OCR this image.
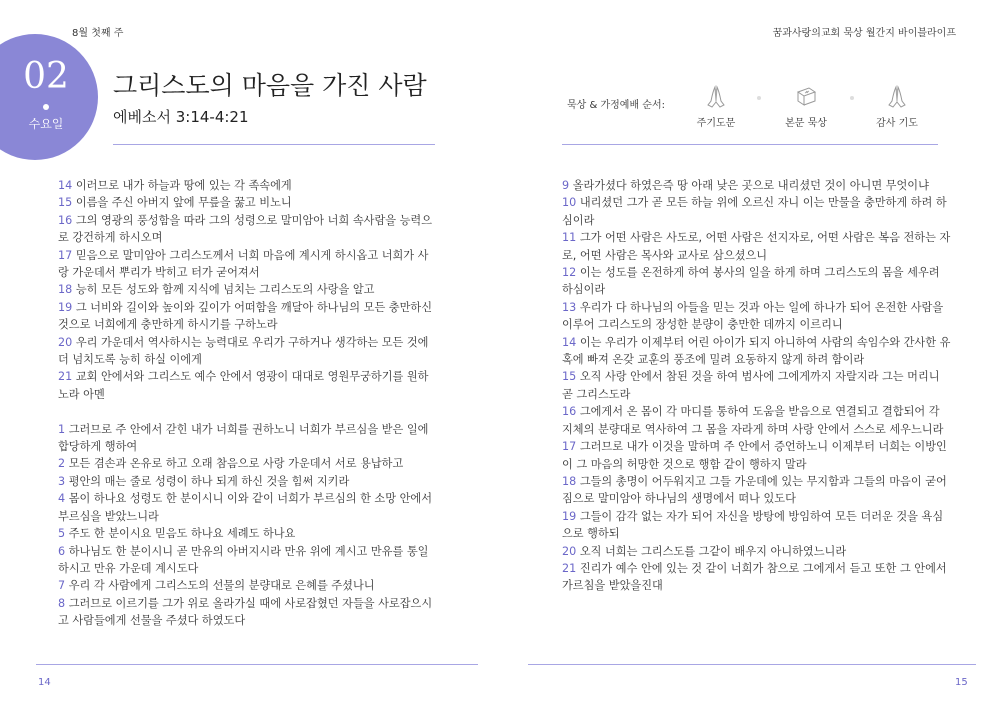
8월 첫째 주	꿈과사랑의교회 묵상 월간지 바이블라이프
02
수요일
그리스도의 마음을 가진 사람
에베소서 3:14-4:21
묵상 & 가정예배 순서:
주기도문	본문 묵상	감사 기도

14 이러므로 내가 하늘과 땅에 있는 각 족속에게

15 이름을 주신 아버지 앞에 무릎을 꿇고 비노니

16 그의 영광의 풍성함을 따라 그의 성령으로 말미암아 너희 속사람을 능력으로 강건하게 하시오며

17 믿음으로 말미암아 그리스도께서 너희 마음에 계시게 하시옵고 너희가 사랑 가운데서 뿌리가 박히고 터가 굳어져서

18 능히 모든 성도와 함께 지식에 넘치는 그리스도의 사랑을 알고

19 그 너비와 길이와 높이와 깊이가 어떠함을 깨달아 하나님의 모든 충만하신 것으로 너희에게 충만하게 하시기를 구하노라

20 우리 가운데서 역사하시는 능력대로 우리가 구하거나 생각하는 모든 것에 더 넘치도록 능히 하실 이에게

21 교회 안에서와 그리스도 예수 안에서 영광이 대대로 영원무궁하기를 원하노라 아멘

1 그러므로 주 안에서 갇힌 내가 너희를 권하노니 너희가 부르심을 받은 일에 합당하게 행하여

2 모든 겸손과 온유로 하고 오래 참음으로 사랑 가운데서 서로 용납하고

3 평안의 매는 줄로 성령이 하나 되게 하신 것을 힘써 지키라

4 몸이 하나요 성령도 한 분이시니 이와 같이 너희가 부르심의 한 소망 안에서 부르심을 받았느니라

5 주도 한 분이시요 믿음도 하나요 세례도 하나요

6 하나님도 한 분이시니 곧 만유의 아버지시라 만유 위에 계시고 만유를 통일하시고 만유 가운데 계시도다

7 우리 각 사람에게 그리스도의 선물의 분량대로 은혜를 주셨나니

8 그러므로 이르기를 그가 위로 올라가실 때에 사로잡혔던 자들을 사로잡으시고 사람들에게 선물을 주셨다 하였도다

9 올라가셨다 하였은즉 땅 아래 낮은 곳으로 내리셨던 것이 아니면 무엇이냐

10 내리셨던 그가 곧 모든 하늘 위에 오르신 자니 이는 만물을 충만하게 하려 하심이라

11 그가 어떤 사람은 사도로, 어떤 사람은 선지자로, 어떤 사람은 복음 전하는 자로, 어떤 사람은 목사와 교사로 삼으셨으니

12 이는 성도를 온전하게 하여 봉사의 일을 하게 하며 그리스도의 몸을 세우려 하심이라

13 우리가 다 하나님의 아들을 믿는 것과 아는 일에 하나가 되어 온전한 사람을 이루어 그리스도의 장성한 분량이 충만한 데까지 이르리니

14 이는 우리가 이제부터 어린 아이가 되지 아니하여 사람의 속임수와 간사한 유혹에 빠져 온갖 교훈의 풍조에 밀려 요동하지 않게 하려 함이라

15 오직 사랑 안에서 참된 것을 하여 범사에 그에게까지 자랄지라 그는 머리니 곧 그리스도라

16 그에게서 온 몸이 각 마디를 통하여 도움을 받음으로 연결되고 결합되어 각 지체의 분량대로 역사하여 그 몸을 자라게 하며 사랑 안에서 스스로 세우느니라

17 그러므로 내가 이것을 말하며 주 안에서 증언하노니 이제부터 너희는 이방인이 그 마음의 허망한 것으로 행함 같이 행하지 말라

18 그들의 총명이 어두워지고 그들 가운데에 있는 무지함과 그들의 마음이 굳어짐으로 말미암아 하나님의 생명에서 떠나 있도다

19 그들이 감각 없는 자가 되어 자신을 방탕에 방임하여 모든 더러운 것을 욕심으로 행하되

20 오직 너희는 그리스도를 그같이 배우지 아니하였느니라

21 진리가 예수 안에 있는 것 같이 너희가 참으로 그에게서 듣고 또한 그 안에서 가르침을 받았을진대

14	15
